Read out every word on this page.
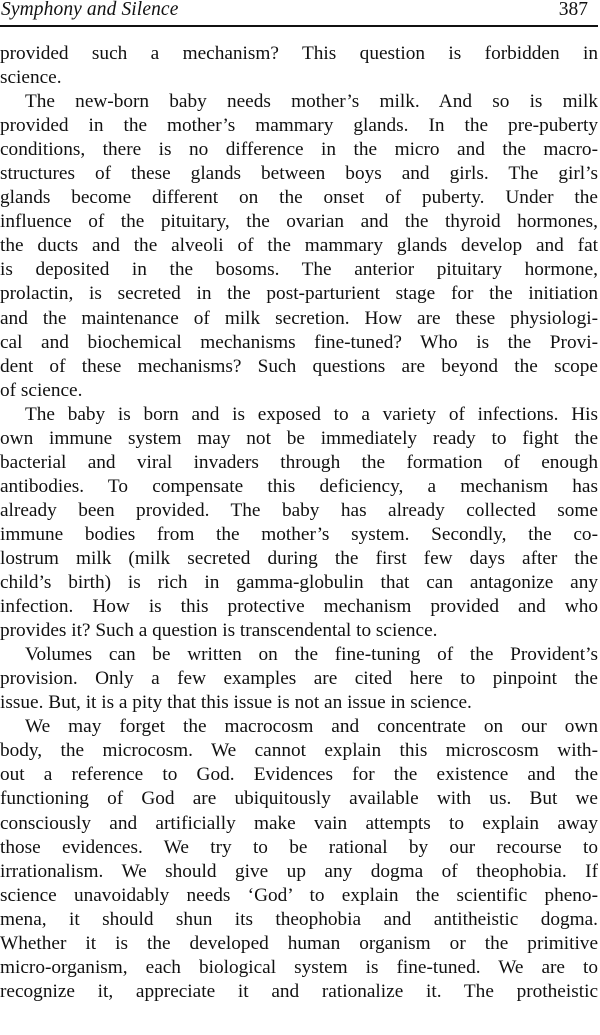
Symphony and Silence	387
provided such a mechanism? This question is forbidden in
science.
The new-born baby needs mother’s milk. And so is milk
provided in the mother’s mammary glands. In the pre-puberty
conditions, there is no difference in the micro and the macro-
structures of these glands between boys and girls. The girl’s
glands become different on the onset of puberty. Under the
influence of the pituitary, the ovarian and the thyroid hormones,
the ducts and the alveoli of the mammary glands develop and fat
is deposited in the bosoms. The anterior pituitary hormone,
prolactin, is secreted in the post-parturient stage for the initiation
and the maintenance of milk secretion. How are these physiologi-
cal and biochemical mechanisms fine-tuned? Who is the Provi-
dent of these mechanisms? Such questions are beyond the scope
of science.
The baby is born and is exposed to a variety of infections. His
own immune system may not be immediately ready to fight the
bacterial and viral invaders through the formation of enough
antibodies. To compensate this deficiency, a mechanism has
already been provided. The baby has already collected some
immune bodies from the mother’s system. Secondly, the co-
lostrum milk (milk secreted during the first few days after the
child’s birth) is rich in gamma-globulin that can antagonize any
infection. How is this protective mechanism provided and who
provides it? Such a question is transcendental to science.
Volumes can be written on the fine-tuning of the Provident’s
provision. Only a few examples are cited here to pinpoint the
issue. But, it is a pity that this issue is not an issue in science.
We may forget the macrocosm and concentrate on our own
body, the microcosm. We cannot explain this microscosm with-
out a reference to God. Evidences for the existence and the
functioning of God are ubiquitously available with us. But we
consciously and artificially make vain attempts to explain away
those evidences. We try to be rational by our recourse to
irrationalism. We should give up any dogma of theophobia. If
science unavoidably needs ‘God’ to explain the scientific pheno-
mena, it should shun its theophobia and antitheistic dogma.
Whether it is the developed human organism or the primitive
micro-organism, each biological system is fine-tuned. We are to
recognize it, appreciate it and rationalize it. The protheistic
